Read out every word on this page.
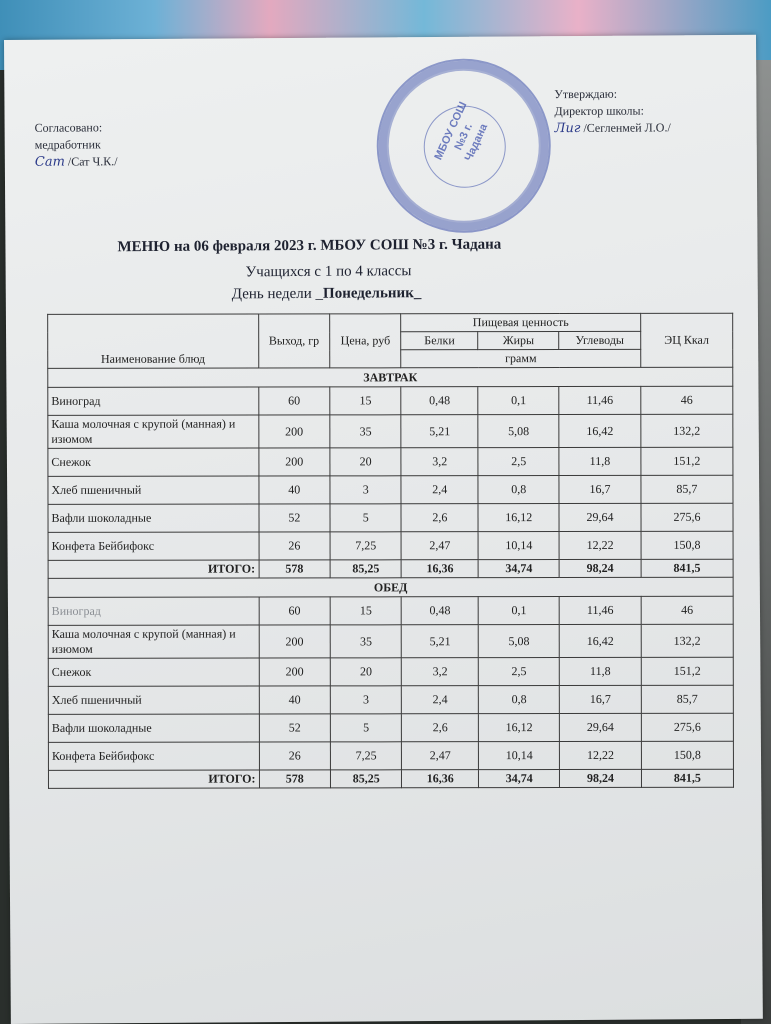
Согласовано:
медработник
Сат /Сат Ч.К./	МБОУ СОШ №3 г. Чадана
Утверждаю:
Директор школы:
Лиг /Сегленмей Л.О./
МЕНЮ на 06 февраля 2023 г. МБОУ СОШ №3 г. Чадана
Учащихся с 1 по 4 классы
День недели _Понедельник_
Наименование блюд	Выход, гр	Цена, руб	Пищевая ценность			ЭЦ Ккал
			Белки	Жиры	Углеводы	
			грамм			
ЗАВТРАК						
Виноград	60	15	0,48	0,1	11,46	46
Каша молочная с крупой (манная) и изюмом	200	35	5,21	5,08	16,42	132,2
Снежок	200	20	3,2	2,5	11,8	151,2
Хлеб пшеничный	40	3	2,4	0,8	16,7	85,7
Вафли шоколадные	52	5	2,6	16,12	29,64	275,6
Конфета Бейбифокс	26	7,25	2,47	10,14	12,22	150,8
ИТОГО:	578	85,25	16,36	34,74	98,24	841,5
ОБЕД						
Виноград	60	15	0,48	0,1	11,46	46
Каша молочная с крупой (манная) и изюмом	200	35	5,21	5,08	16,42	132,2
Снежок	200	20	3,2	2,5	11,8	151,2
Хлеб пшеничный	40	3	2,4	0,8	16,7	85,7
Вафли шоколадные	52	5	2,6	16,12	29,64	275,6
Конфета Бейбифокс	26	7,25	2,47	10,14	12,22	150,8
ИТОГО:	578	85,25	16,36	34,74	98,24	841,5
